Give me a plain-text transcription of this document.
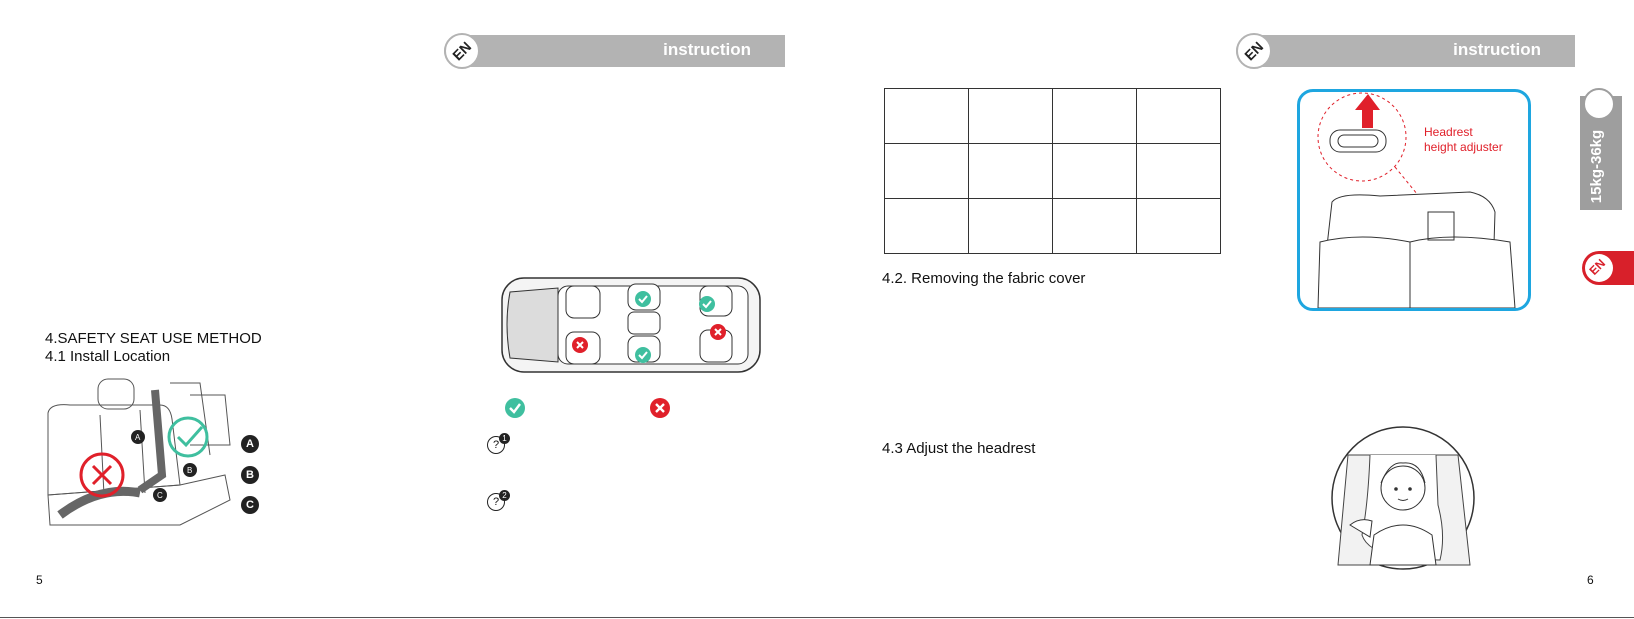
EN	instruction	EN	instruction
4.SAFETY SEAT USE METHOD
4.1 Install Location
A
B
C
A
B
C
5
?
1
?
2

4.2. Removing the fabric cover
4.3 Adjust the headrest
Headrest
height adjuster	15kg-36kg
EN
6
